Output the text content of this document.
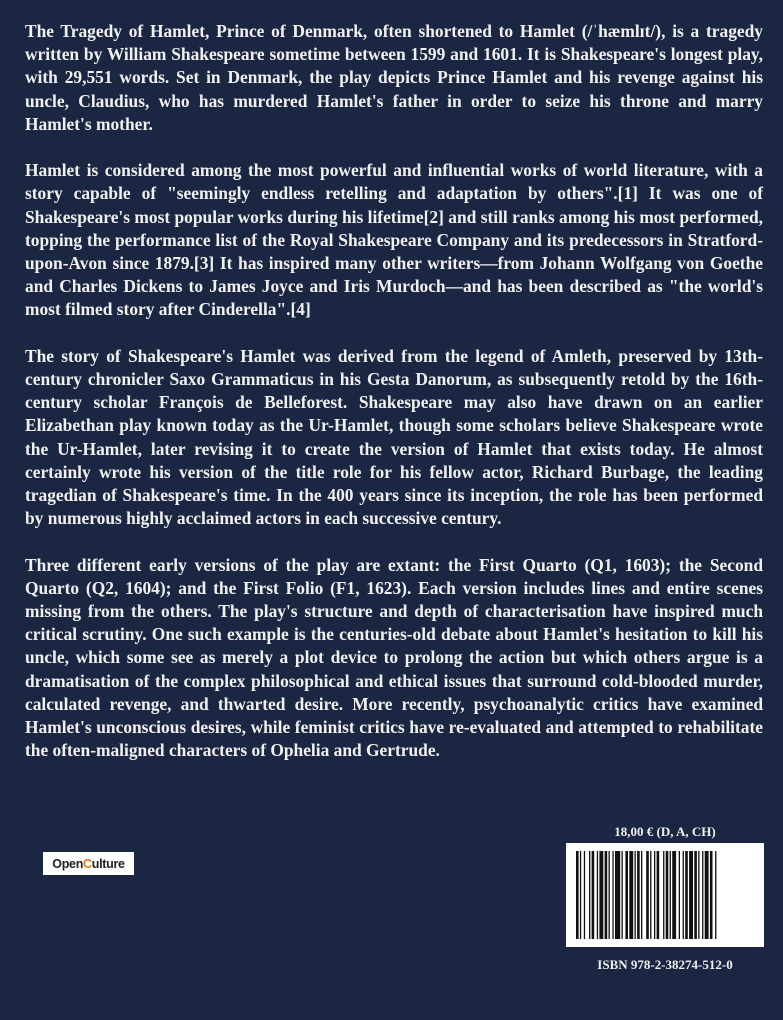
The Tragedy of Hamlet, Prince of Denmark, often shortened to Hamlet (/ˈhæmlɪt/), is a tragedy written by William Shakespeare sometime between 1599 and 1601. It is Shakespeare's longest play, with 29,551 words. Set in Denmark, the play depicts Prince Hamlet and his revenge against his uncle, Claudius, who has murdered Hamlet's father in order to seize his throne and marry Hamlet's mother.

Hamlet is considered among the most powerful and influential works of world literature, with a story capable of "seemingly endless retelling and adaptation by others".[1] It was one of Shakespeare's most popular works during his lifetime[2] and still ranks among his most performed, topping the performance list of the Royal Shakespeare Company and its predecessors in Stratford-upon-Avon since 1879.[3] It has inspired many other writers—from Johann Wolfgang von Goethe and Charles Dickens to James Joyce and Iris Murdoch—and has been described as "the world's most filmed story after Cinderella".[4]

The story of Shakespeare's Hamlet was derived from the legend of Amleth, preserved by 13th-century chronicler Saxo Grammaticus in his Gesta Danorum, as subsequently retold by the 16th-century scholar François de Belleforest. Shakespeare may also have drawn on an earlier Elizabethan play known today as the Ur-Hamlet, though some scholars believe Shakespeare wrote the Ur-Hamlet, later revising it to create the version of Hamlet that exists today. He almost certainly wrote his version of the title role for his fellow actor, Richard Burbage, the leading tragedian of Shakespeare's time. In the 400 years since its inception, the role has been performed by numerous highly acclaimed actors in each successive century.

Three different early versions of the play are extant: the First Quarto (Q1, 1603); the Second Quarto (Q2, 1604); and the First Folio (F1, 1623). Each version includes lines and entire scenes missing from the others. The play's structure and depth of characterisation have inspired much critical scrutiny. One such example is the centuries-old debate about Hamlet's hesitation to kill his uncle, which some see as merely a plot device to prolong the action but which others argue is a dramatisation of the complex philosophical and ethical issues that surround cold-blooded murder, calculated revenge, and thwarted desire. More recently, psychoanalytic critics have examined Hamlet's unconscious desires, while feminist critics have re-evaluated and attempted to rehabilitate the often-maligned characters of Ophelia and Gertrude.

Open C ulture
18,00 € (D, A, CH)
ISBN 978-2-38274-512-0
